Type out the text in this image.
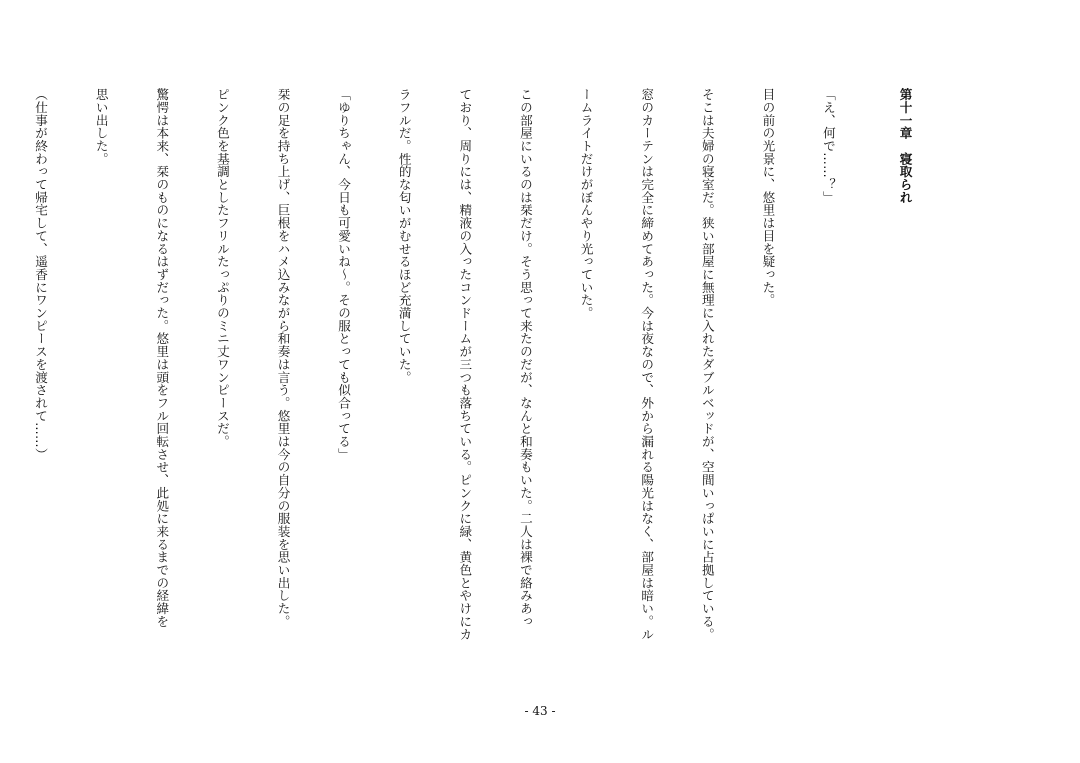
第十一章　寝取られ

「え、何で……？」

目の前の光景に、悠里は目を疑った。

そこは夫婦の寝室だ。狭い部屋に無理に入れたダブルベッドが、空間いっぱいに占拠している。

窓のカーテンは完全に締めてあった。今は夜なので、外から漏れる陽光はなく、部屋は暗い。ル

ームライトだけがぼんやり光っていた。

この部屋にいるのは栞だけ。そう思って来たのだが、なんと和奏もいた。二人は裸で絡みあっ

ており、周りには、精液の入ったコンドームが三つも落ちている。ピンクに緑、黄色とやけにカ

ラフルだ。性的な匂いがむせるほど充満していた。

「ゆりちゃん、今日も可愛いね～。その服とっても似合ってる」

栞の足を持ち上げ、巨根をハメ込みながら和奏は言う。悠里は今の自分の服装を思い出した。

ピンク色を基調としたフリルたっぷりのミニ丈ワンピースだ。

驚愕は本来、栞のものになるはずだった。悠里は頭をフル回転させ、此処に来るまでの経緯を

思い出した。

（仕事が終わって帰宅して、遥香にワンピースを渡されて……）

- 43 -
